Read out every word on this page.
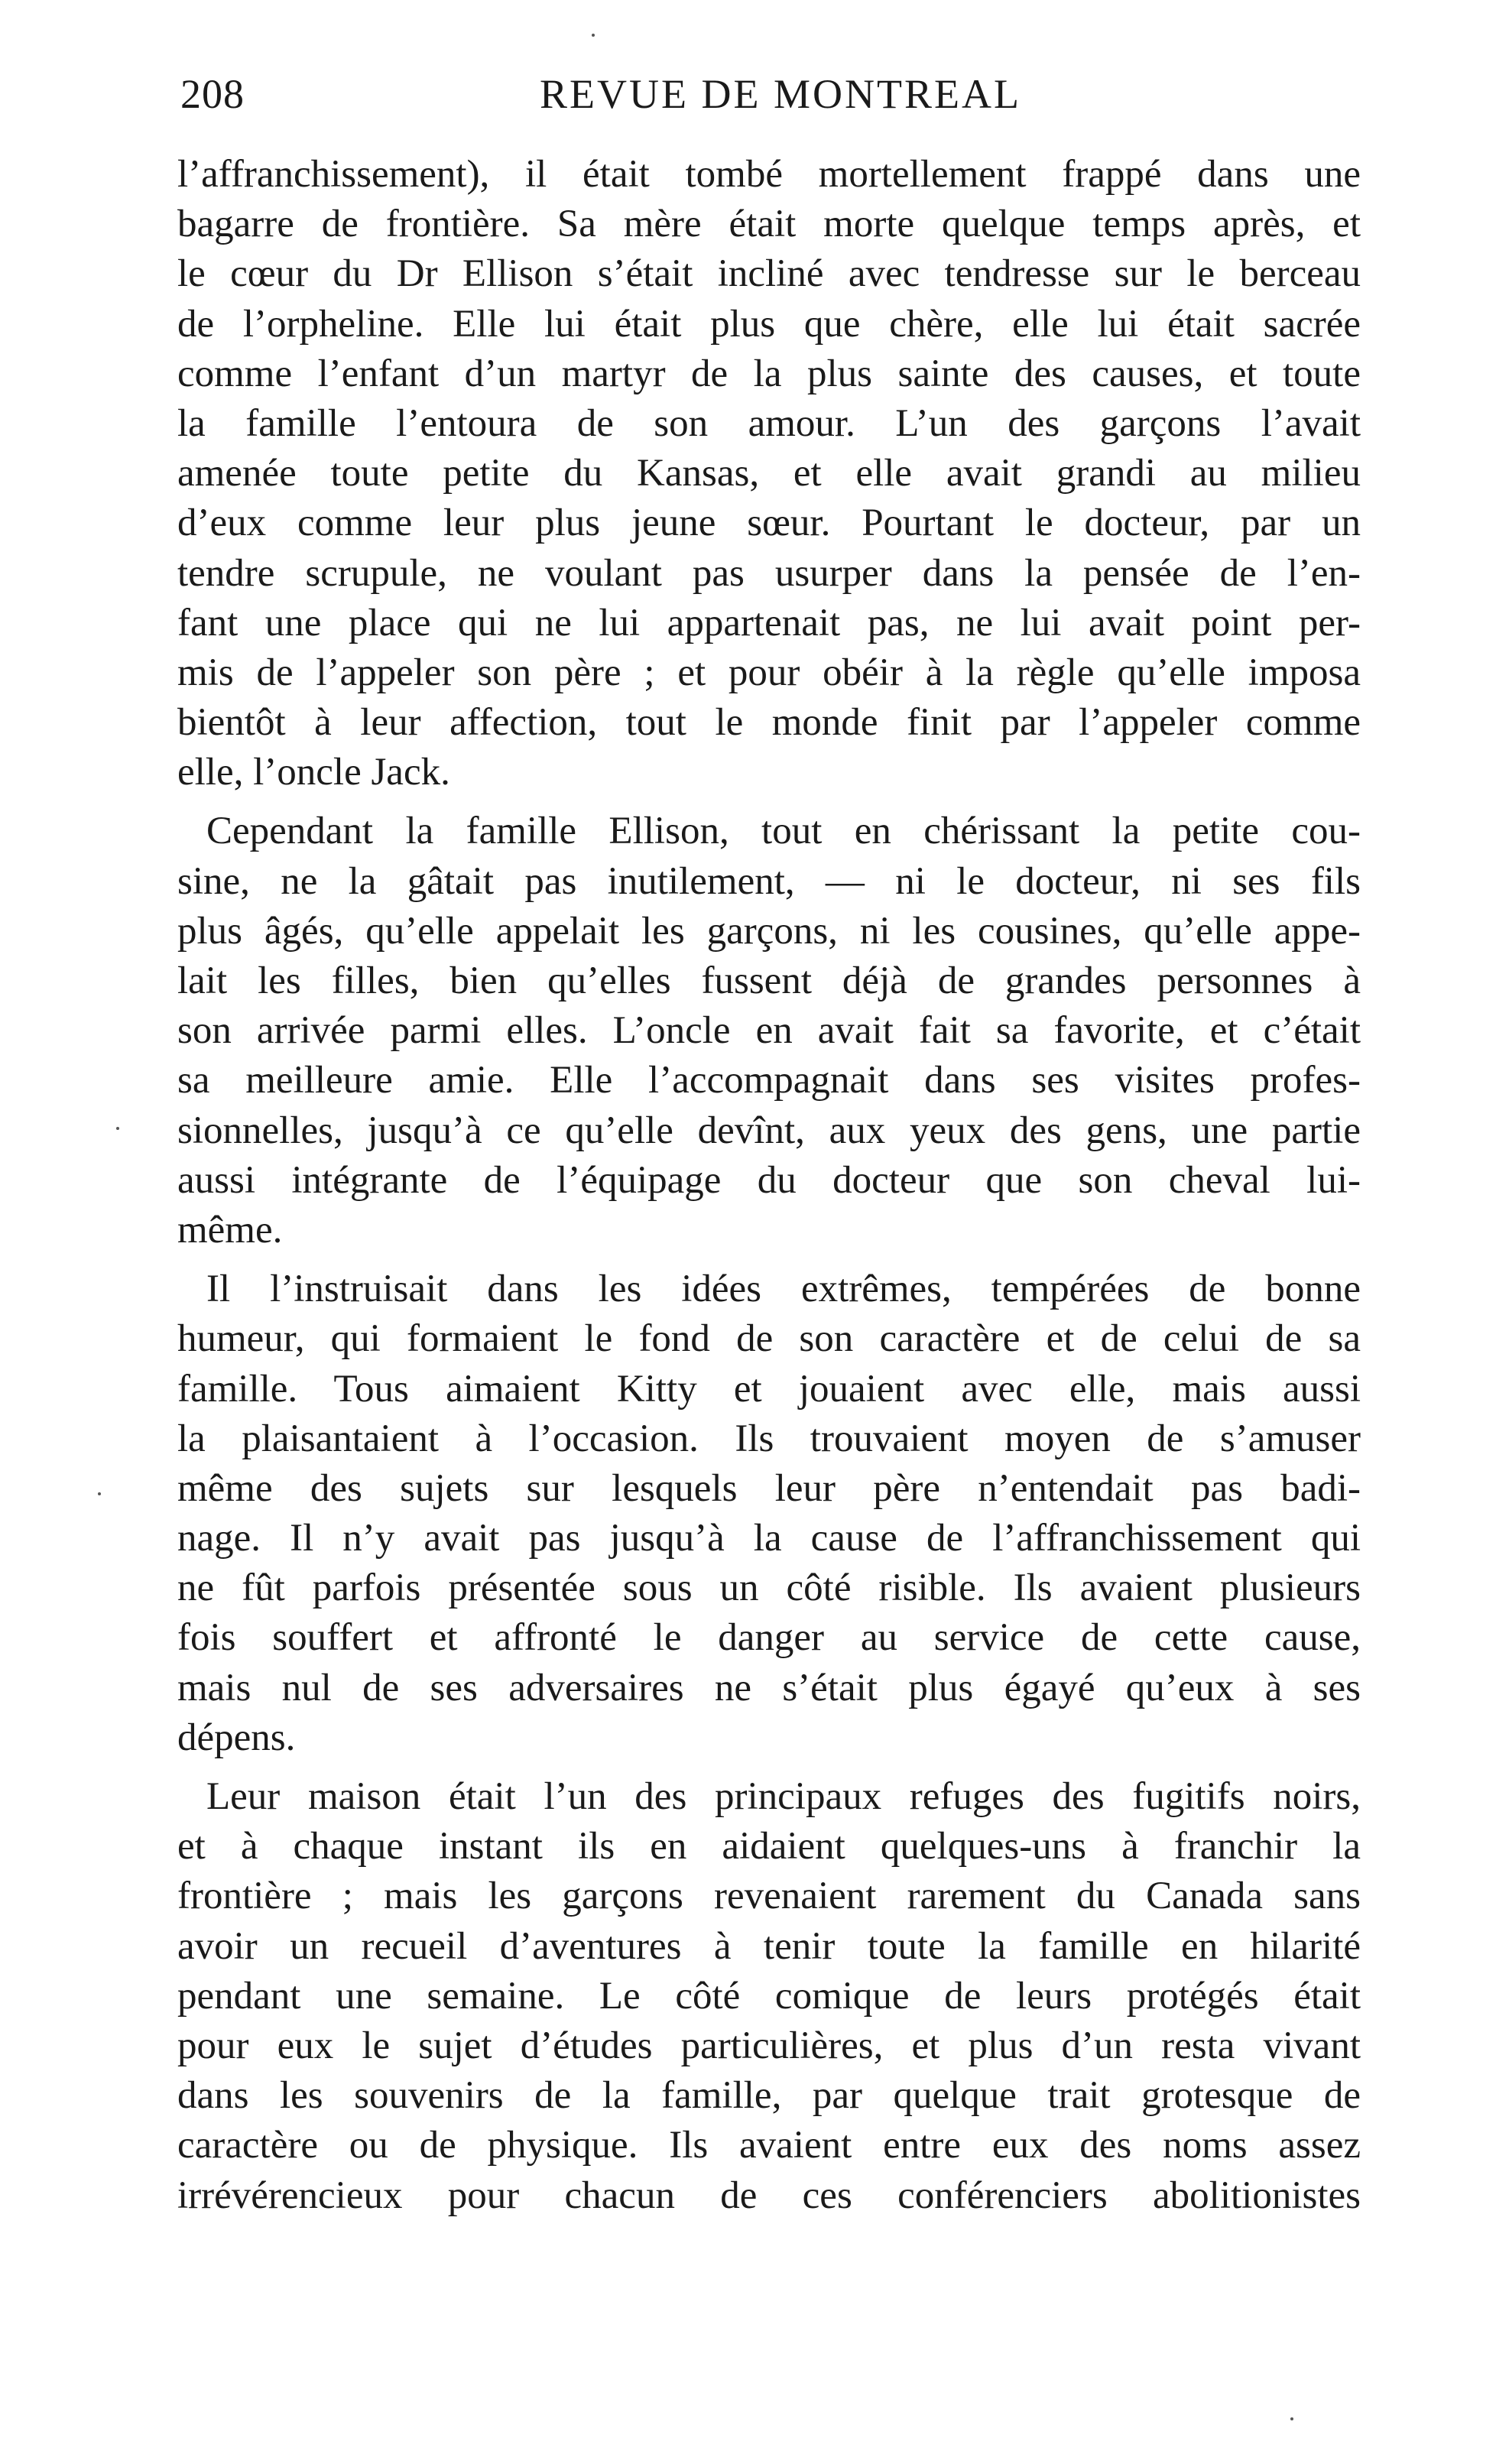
208	REVUE DE MONTREAL

l’affranchissement), il était tombé mortellement frappé dans une
bagarre de frontière. Sa mère était morte quelque temps après, et
le cœur du Dr Ellison s’était incliné avec tendresse sur le berceau
de l’orpheline. Elle lui était plus que chère, elle lui était sacrée
comme l’enfant d’un martyr de la plus sainte des causes, et toute
la famille l’entoura de son amour. L’un des garçons l’avait
amenée toute petite du Kansas, et elle avait grandi au milieu
d’eux comme leur plus jeune sœur. Pourtant le docteur, par un
tendre scrupule, ne voulant pas usurper dans la pensée de l’en-
fant une place qui ne lui appartenait pas, ne lui avait point per-
mis de l’appeler son père ; et pour obéir à la règle qu’elle imposa
bientôt à leur affection, tout le monde finit par l’appeler comme
elle, l’oncle Jack.

Cependant la famille Ellison, tout en chérissant la petite cou-
sine, ne la gâtait pas inutilement, — ni le docteur, ni ses fils
plus âgés, qu’elle appelait les garçons, ni les cousines, qu’elle appe-
lait les filles, bien qu’elles fussent déjà de grandes personnes à
son arrivée parmi elles. L’oncle en avait fait sa favorite, et c’était
sa meilleure amie. Elle l’accompagnait dans ses visites profes-
sionnelles, jusqu’à ce qu’elle devînt, aux yeux des gens, une partie
aussi intégrante de l’équipage du docteur que son cheval lui-
même.

Il l’instruisait dans les idées extrêmes, tempérées de bonne
humeur, qui formaient le fond de son caractère et de celui de sa
famille. Tous aimaient Kitty et jouaient avec elle, mais aussi
la plaisantaient à l’occasion. Ils trouvaient moyen de s’amuser
même des sujets sur lesquels leur père n’entendait pas badi-
nage. Il n’y avait pas jusqu’à la cause de l’affranchissement qui
ne fût parfois présentée sous un côté risible. Ils avaient plusieurs
fois souffert et affronté le danger au service de cette cause,
mais nul de ses adversaires ne s’était plus égayé qu’eux à ses
dépens.

Leur maison était l’un des principaux refuges des fugitifs noirs,
et à chaque instant ils en aidaient quelques-uns à franchir la
frontière ; mais les garçons revenaient rarement du Canada sans
avoir un recueil d’aventures à tenir toute la famille en hilarité
pendant une semaine. Le côté comique de leurs protégés était
pour eux le sujet d’études particulières, et plus d’un resta vivant
dans les souvenirs de la famille, par quelque trait grotesque de
caractère ou de physique. Ils avaient entre eux des noms assez
irrévérencieux pour chacun de ces conférenciers abolitionistes
